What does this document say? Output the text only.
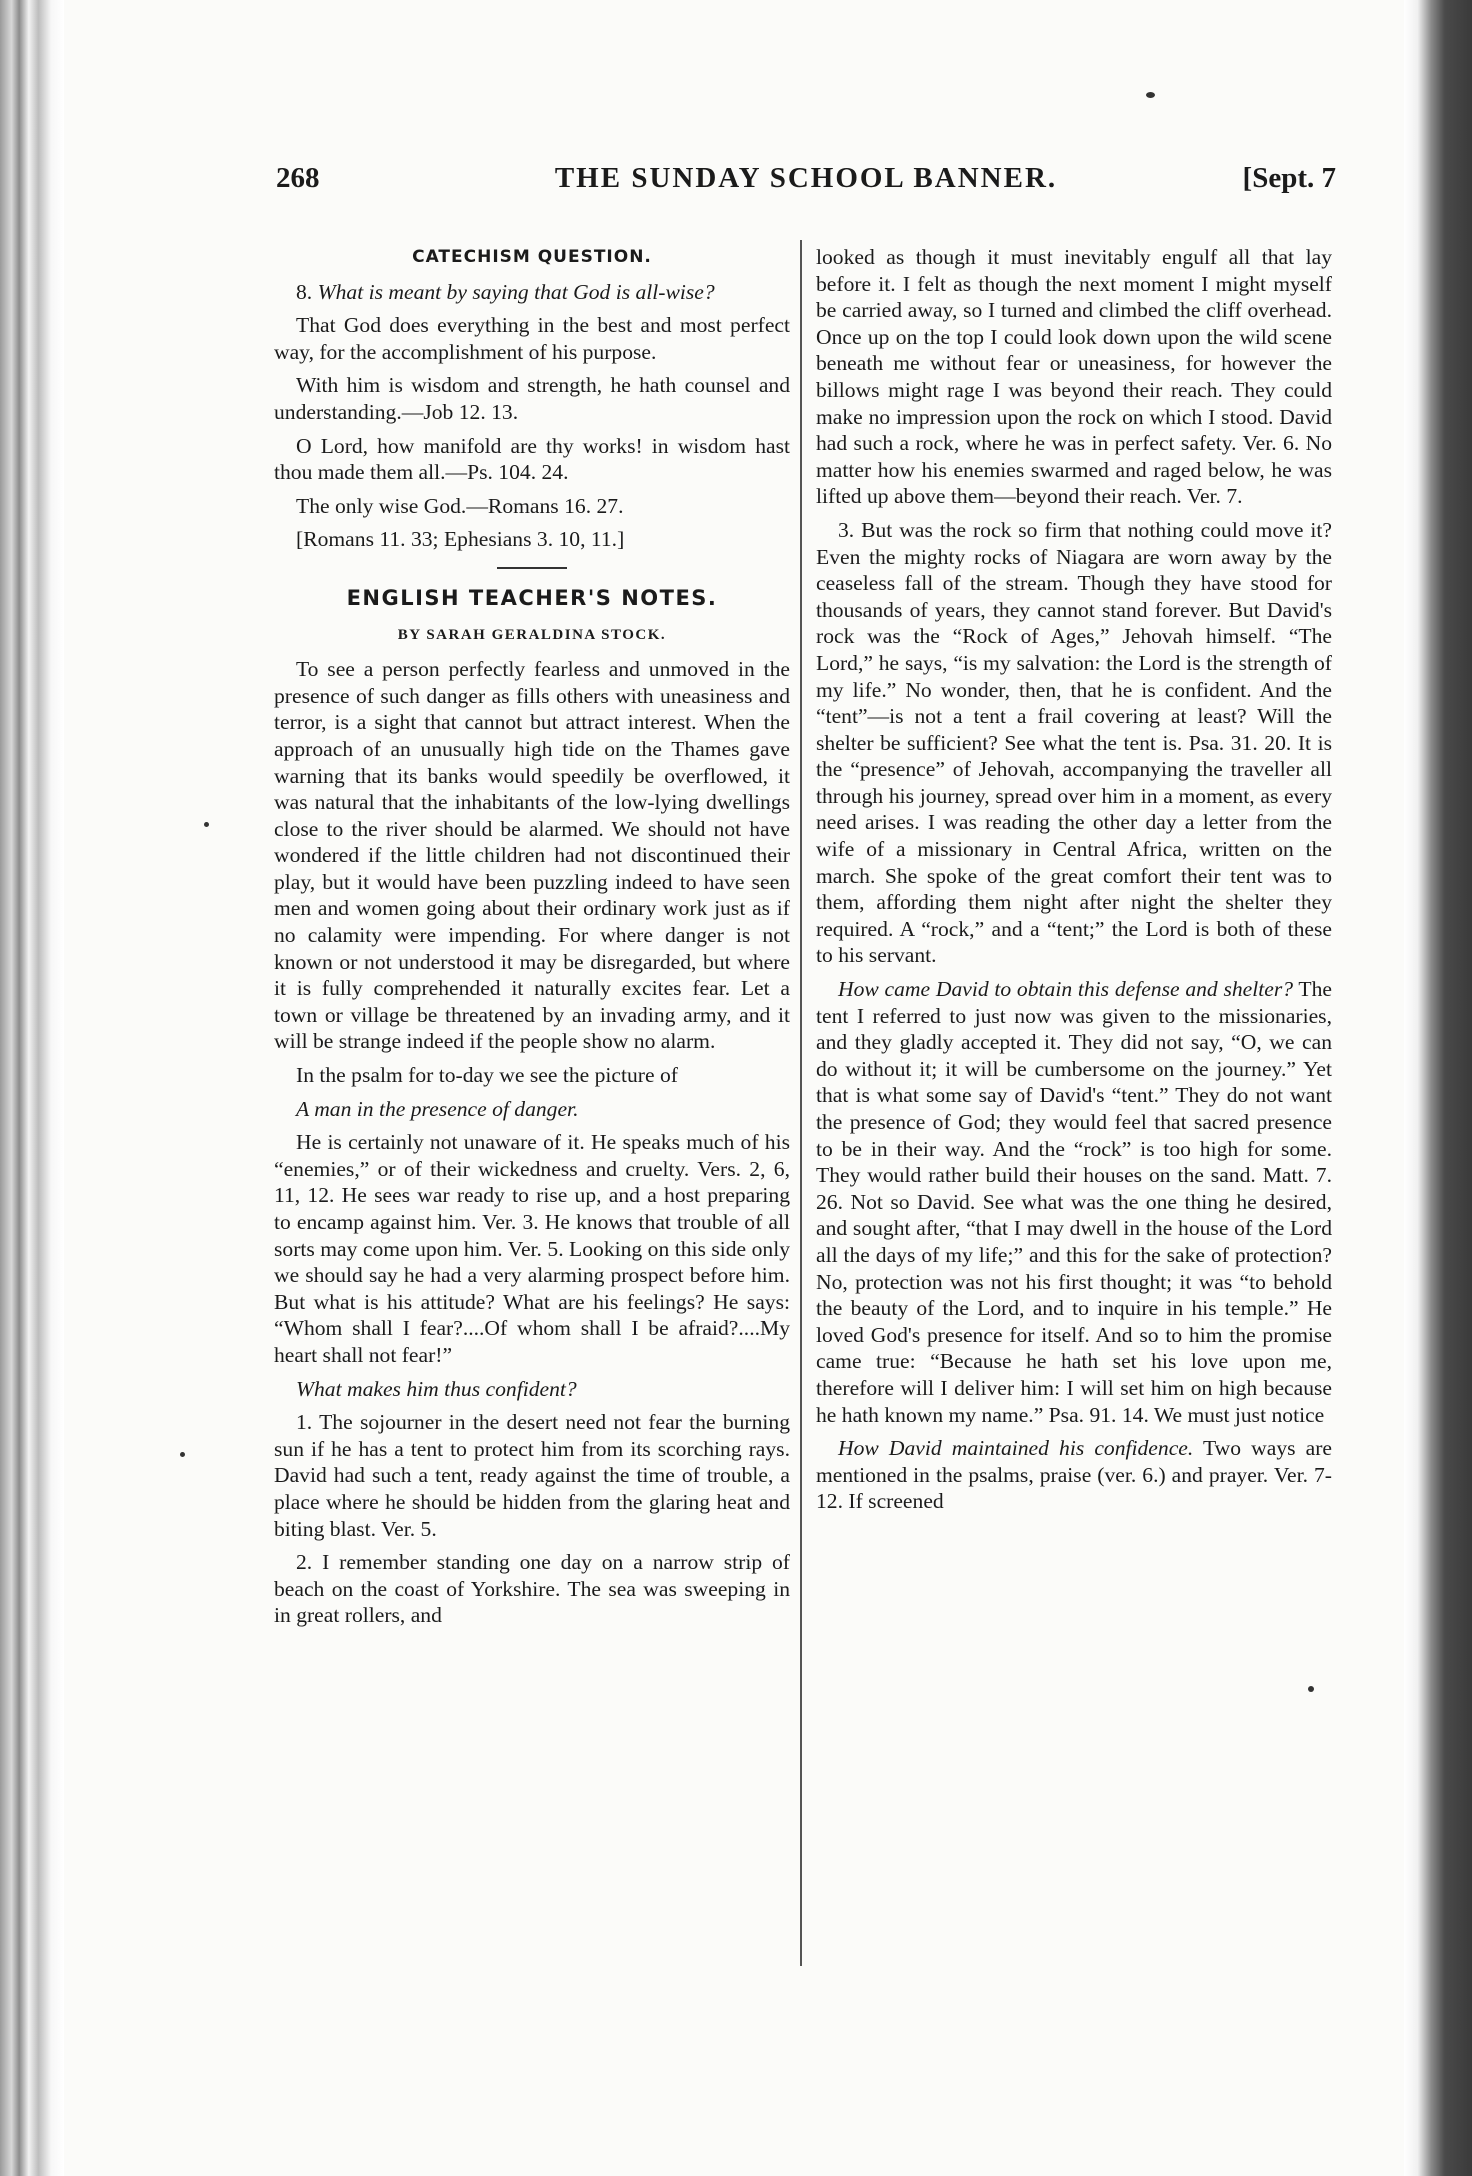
268	THE SUNDAY SCHOOL BANNER.	[Sept. 7
CATECHISM QUESTION.

8. What is meant by saying that God is all-wise?

That God does everything in the best and most perfect way, for the accomplishment of his purpose.

With him is wisdom and strength, he hath counsel and understanding.—Job 12. 13.

O Lord, how manifold are thy works! in wisdom hast thou made them all.—Ps. 104. 24.

The only wise God.—Romans 16. 27.

[Romans 11. 33; Ephesians 3. 10, 11.]

ENGLISH TEACHER'S NOTES.
BY SARAH GERALDINA STOCK.

To see a person perfectly fearless and unmoved in the presence of such danger as fills others with uneasiness and terror, is a sight that cannot but attract interest. When the approach of an unusually high tide on the Thames gave warning that its banks would speedily be overflowed, it was natural that the inhabitants of the low-lying dwellings close to the river should be alarmed. We should not have wondered if the little children had not discontinued their play, but it would have been puzzling indeed to have seen men and women going about their ordinary work just as if no calamity were impending. For where danger is not known or not understood it may be disregarded, but where it is fully comprehended it naturally excites fear. Let a town or village be threatened by an invading army, and it will be strange indeed if the people show no alarm.

In the psalm for to-day we see the picture of

A man in the presence of danger.

He is certainly not unaware of it. He speaks much of his “enemies,” or of their wickedness and cruelty. Vers. 2, 6, 11, 12. He sees war ready to rise up, and a host preparing to encamp against him. Ver. 3. He knows that trouble of all sorts may come upon him. Ver. 5. Looking on this side only we should say he had a very alarming prospect before him. But what is his attitude? What are his feelings? He says: “Whom shall I fear?....Of whom shall I be afraid?....My heart shall not fear!”

What makes him thus confident?

1. The sojourner in the desert need not fear the burning sun if he has a tent to protect him from its scorching rays. David had such a tent, ready against the time of trouble, a place where he should be hidden from the glaring heat and biting blast. Ver. 5.

2. I remember standing one day on a narrow strip of beach on the coast of Yorkshire. The sea was sweeping in in great rollers, and

looked as though it must inevitably engulf all that lay before it. I felt as though the next moment I might myself be carried away, so I turned and climbed the cliff overhead. Once up on the top I could look down upon the wild scene beneath me without fear or uneasiness, for however the billows might rage I was beyond their reach. They could make no impression upon the rock on which I stood. David had such a rock, where he was in perfect safety. Ver. 6. No matter how his enemies swarmed and raged below, he was lifted up above them—beyond their reach. Ver. 7.

3. But was the rock so firm that nothing could move it? Even the mighty rocks of Niagara are worn away by the ceaseless fall of the stream. Though they have stood for thousands of years, they cannot stand forever. But David's rock was the “Rock of Ages,” Jehovah himself. “The Lord,” he says, “is my salvation: the Lord is the strength of my life.” No wonder, then, that he is confident. And the “tent”—is not a tent a frail covering at least? Will the shelter be sufficient? See what the tent is. Psa. 31. 20. It is the “presence” of Jehovah, accompanying the traveller all through his journey, spread over him in a moment, as every need arises. I was reading the other day a letter from the wife of a missionary in Central Africa, written on the march. She spoke of the great comfort their tent was to them, affording them night after night the shelter they required. A “rock,” and a “tent;” the Lord is both of these to his servant.

How came David to obtain this defense and shelter? The tent I referred to just now was given to the missionaries, and they gladly accepted it. They did not say, “O, we can do without it; it will be cumbersome on the journey.” Yet that is what some say of David's “tent.” They do not want the presence of God; they would feel that sacred presence to be in their way. And the “rock” is too high for some. They would rather build their houses on the sand. Matt. 7. 26. Not so David. See what was the one thing he desired, and sought after, “that I may dwell in the house of the Lord all the days of my life;” and this for the sake of protection? No, protection was not his first thought; it was “to behold the beauty of the Lord, and to inquire in his temple.” He loved God's presence for itself. And so to him the promise came true: “Because he hath set his love upon me, therefore will I deliver him: I will set him on high because he hath known my name.” Psa. 91. 14. We must just notice

How David maintained his confidence. Two ways are mentioned in the psalms, praise (ver. 6.) and prayer. Ver. 7-12. If screened
